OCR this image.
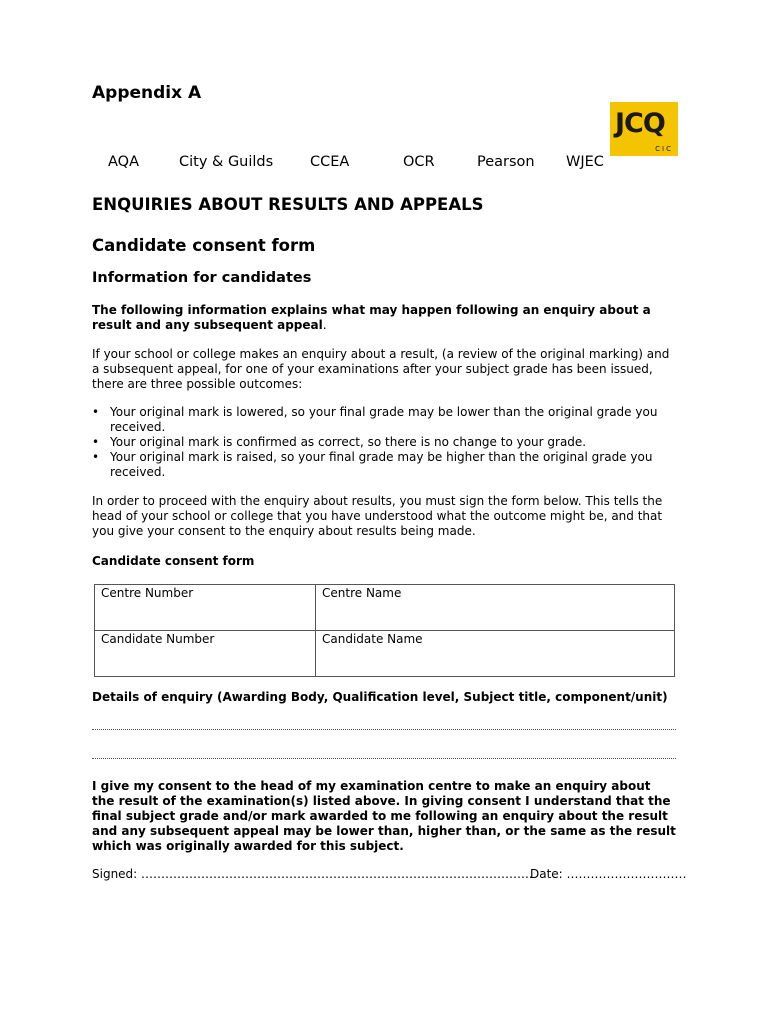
Appendix A
JCQ
CIC
AQA	City & Guilds	CCEA	OCR	Pearson WJEC
ENQUIRIES ABOUT RESULTS AND APPEALS
Candidate consent form
Information for candidates
The following information explains what may happen following an enquiry about a result and any subsequent appeal.
If your school or college makes an enquiry about a result, (a review of the original marking) and a subsequent appeal, for one of your examinations after your subject grade has been issued, there are three possible outcomes:
• Your original mark is lowered, so your final grade may be lower than the original grade you received.
• Your original mark is confirmed as correct, so there is no change to your grade.
• Your original mark is raised, so your final grade may be higher than the original grade you received.
In order to proceed with the enquiry about results, you must sign the form below. This tells the head of your school or college that you have understood what the outcome might be, and that you give your consent to the enquiry about results being made.
Candidate consent form
Centre Number	Centre Name
Candidate Number	Candidate Name
Details of enquiry (Awarding Body, Qualification level, Subject title, component/unit)
I give my consent to the head of my examination centre to make an enquiry about the result of the examination(s) listed above. In giving consent I understand that the final subject grade and/or mark awarded to me following an enquiry about the result and any subsequent appeal may be lower than, higher than, or the same as the result which was originally awarded for this subject.
Signed: ……………………………………………………………………………………..
Date: …………………………
